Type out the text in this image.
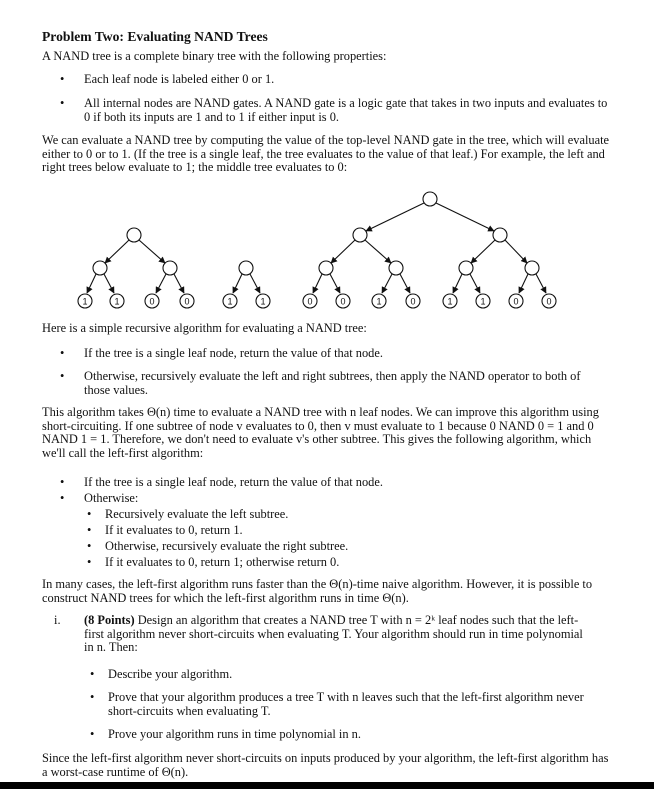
Problem Two: Evaluating NAND Trees
A NAND tree is a complete binary tree with the following properties:
• Each leaf node is labeled either 0 or 1.
• All internal nodes are NAND gates. A NAND gate is a logic gate that takes in two inputs and evaluates to 0 if both its inputs are 1 and to 1 if either input is 0.
We can evaluate a NAND tree by computing the value of the top-level NAND gate in the tree, which will evaluate either to 0 or to 1. (If the tree is a single leaf, the tree evaluates to the value of that leaf.) For example, the left and right trees below evaluate to 1; the middle tree evaluates to 0:
1	1	0	0	1	1	0	0	1	0	1	1	0	0
Here is a simple recursive algorithm for evaluating a NAND tree:
• If the tree is a single leaf node, return the value of that node.
• Otherwise, recursively evaluate the left and right subtrees, then apply the NAND operator to both of those values.
This algorithm takes Θ(n) time to evaluate a NAND tree with n leaf nodes. We can improve this algorithm using short-circuiting. If one subtree of node v evaluates to 0, then v must evaluate to 1 because 0 NAND 0 = 1 and 0 NAND 1 = 1. Therefore, we don't need to evaluate v's other subtree. This gives the following algorithm, which we'll call the left-first algorithm:
• If the tree is a single leaf node, return the value of that node.
• Otherwise:
• Recursively evaluate the left subtree.
• If it evaluates to 0, return 1.
• Otherwise, recursively evaluate the right subtree.
• If it evaluates to 0, return 1; otherwise return 0.
In many cases, the left-first algorithm runs faster than the Θ(n)-time naive algorithm. However, it is possible to construct NAND trees for which the left-first algorithm runs in time Θ(n).
i. (8 Points) Design an algorithm that creates a NAND tree T with n = 2ᵏ leaf nodes such that the left-first algorithm never short-circuits when evaluating T. Your algorithm should run in time polynomial in n. Then:
• Describe your algorithm.
• Prove that your algorithm produces a tree T with n leaves such that the left-first algorithm never short-circuits when evaluating T.
• Prove your algorithm runs in time polynomial in n.
Since the left-first algorithm never short-circuits on inputs produced by your algorithm, the left-first algorithm has a worst-case runtime of Θ(n).
